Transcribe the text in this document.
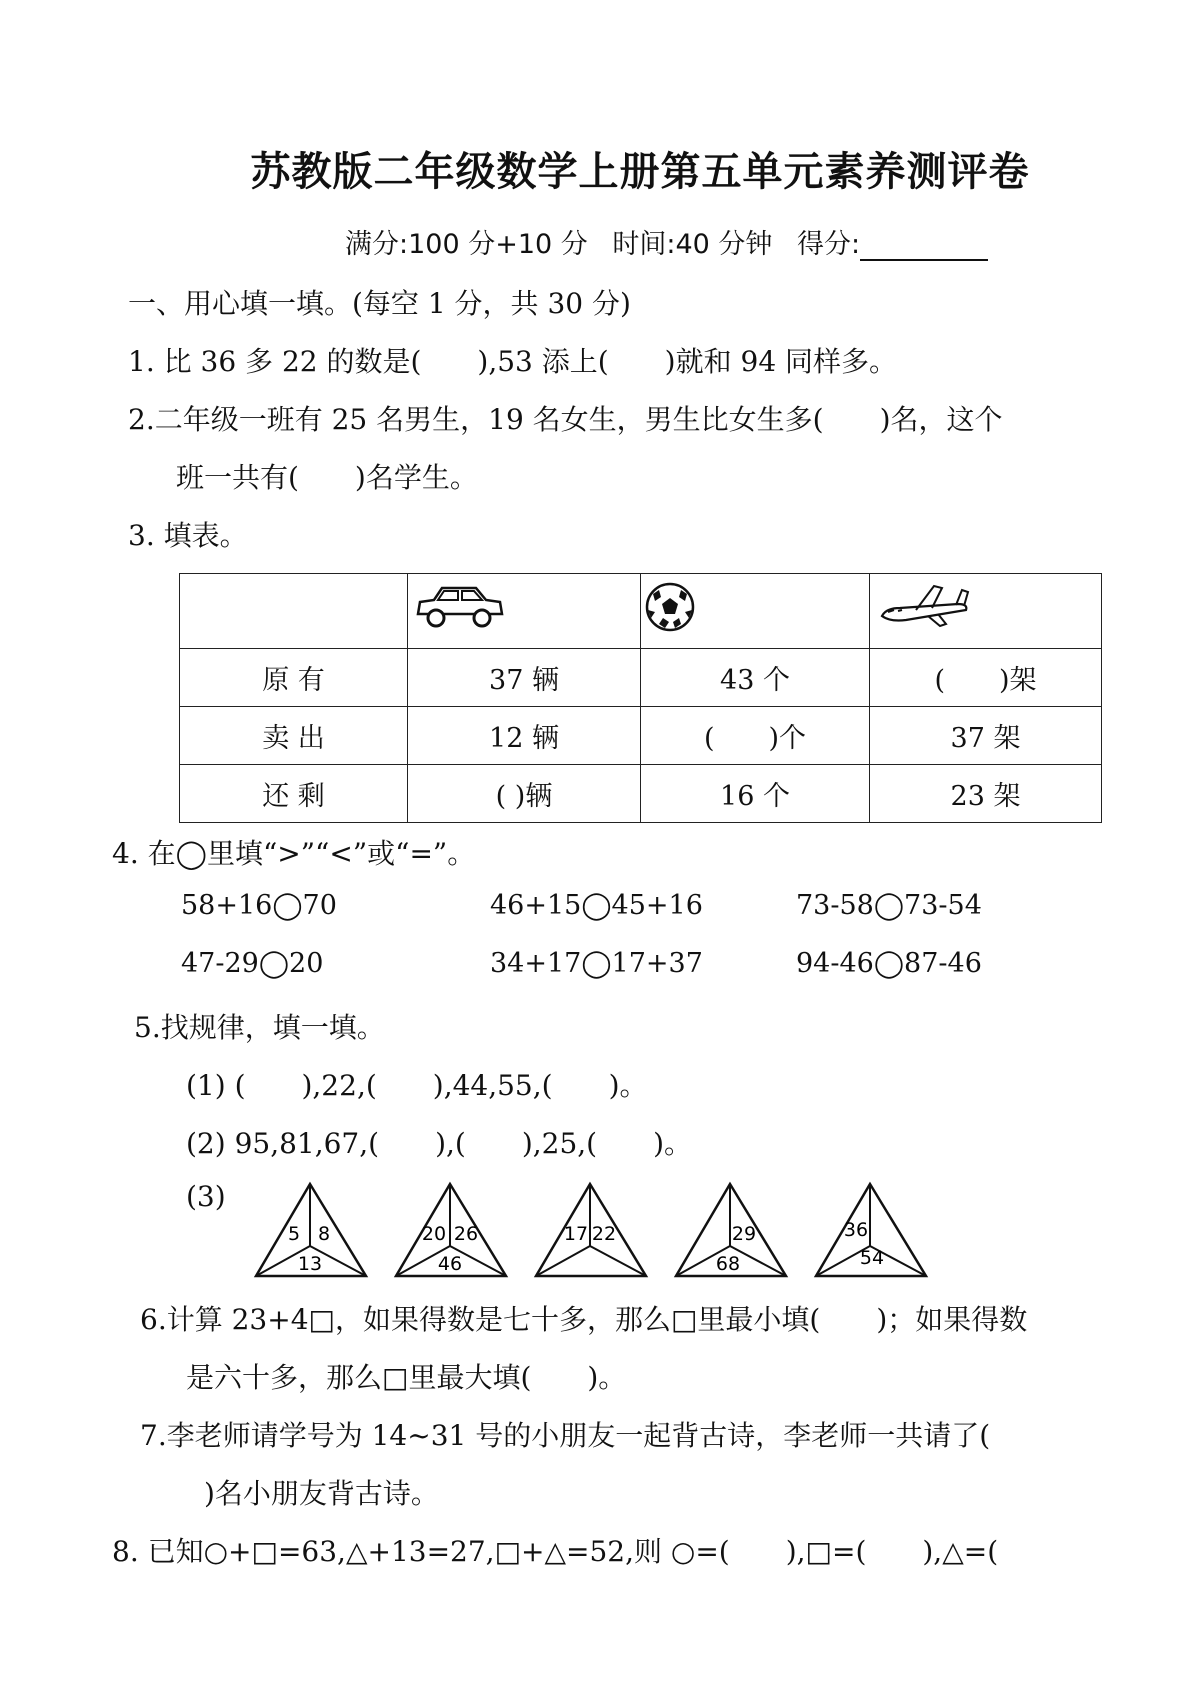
苏教版二年级数学上册第五单元素养测评卷
满分:100 分+10 分 时间:40 分钟 得分:
一、用心填一填。(每空 1 分，共 30 分)
1. 比 36 多 22 的数是(　　),53 添上(　　)就和 94 同样多。
2.二年级一班有 25 名男生，19 名女生，男生比女生多(　　)名，这个
班一共有(　　)名学生。
3. 填表。

原 有	37 辆	43 个	(　　)架
卖 出	12 辆	(　　)个	37 架
还 剩	( )辆	16 个	23 架
4. 在◯里填“>”“<”或“=”。
58+16◯70	46+15◯45+16	73-58◯73-54
47-29◯20	34+17◯17+37	94-46◯87-46
5.找规律，填一填。
(1) (　　),22,(　　),44,55,(　　)。
(2) 95,81,67,(　　),(　　),25,(　　)。
(3)
5 8
13
20 26
46
17 22	29
68
36
54
6.计算 23+4□，如果得数是七十多，那么□里最小填(　　)；如果得数
是六十多，那么□里最大填(　　)。
7.李老师请学号为 14~31 号的小朋友一起背古诗，李老师一共请了(
)名小朋友背古诗。
8. 已知○+□=63,△+13=27,□+△=52,则 ○=(　　),□=(　　),△=(
